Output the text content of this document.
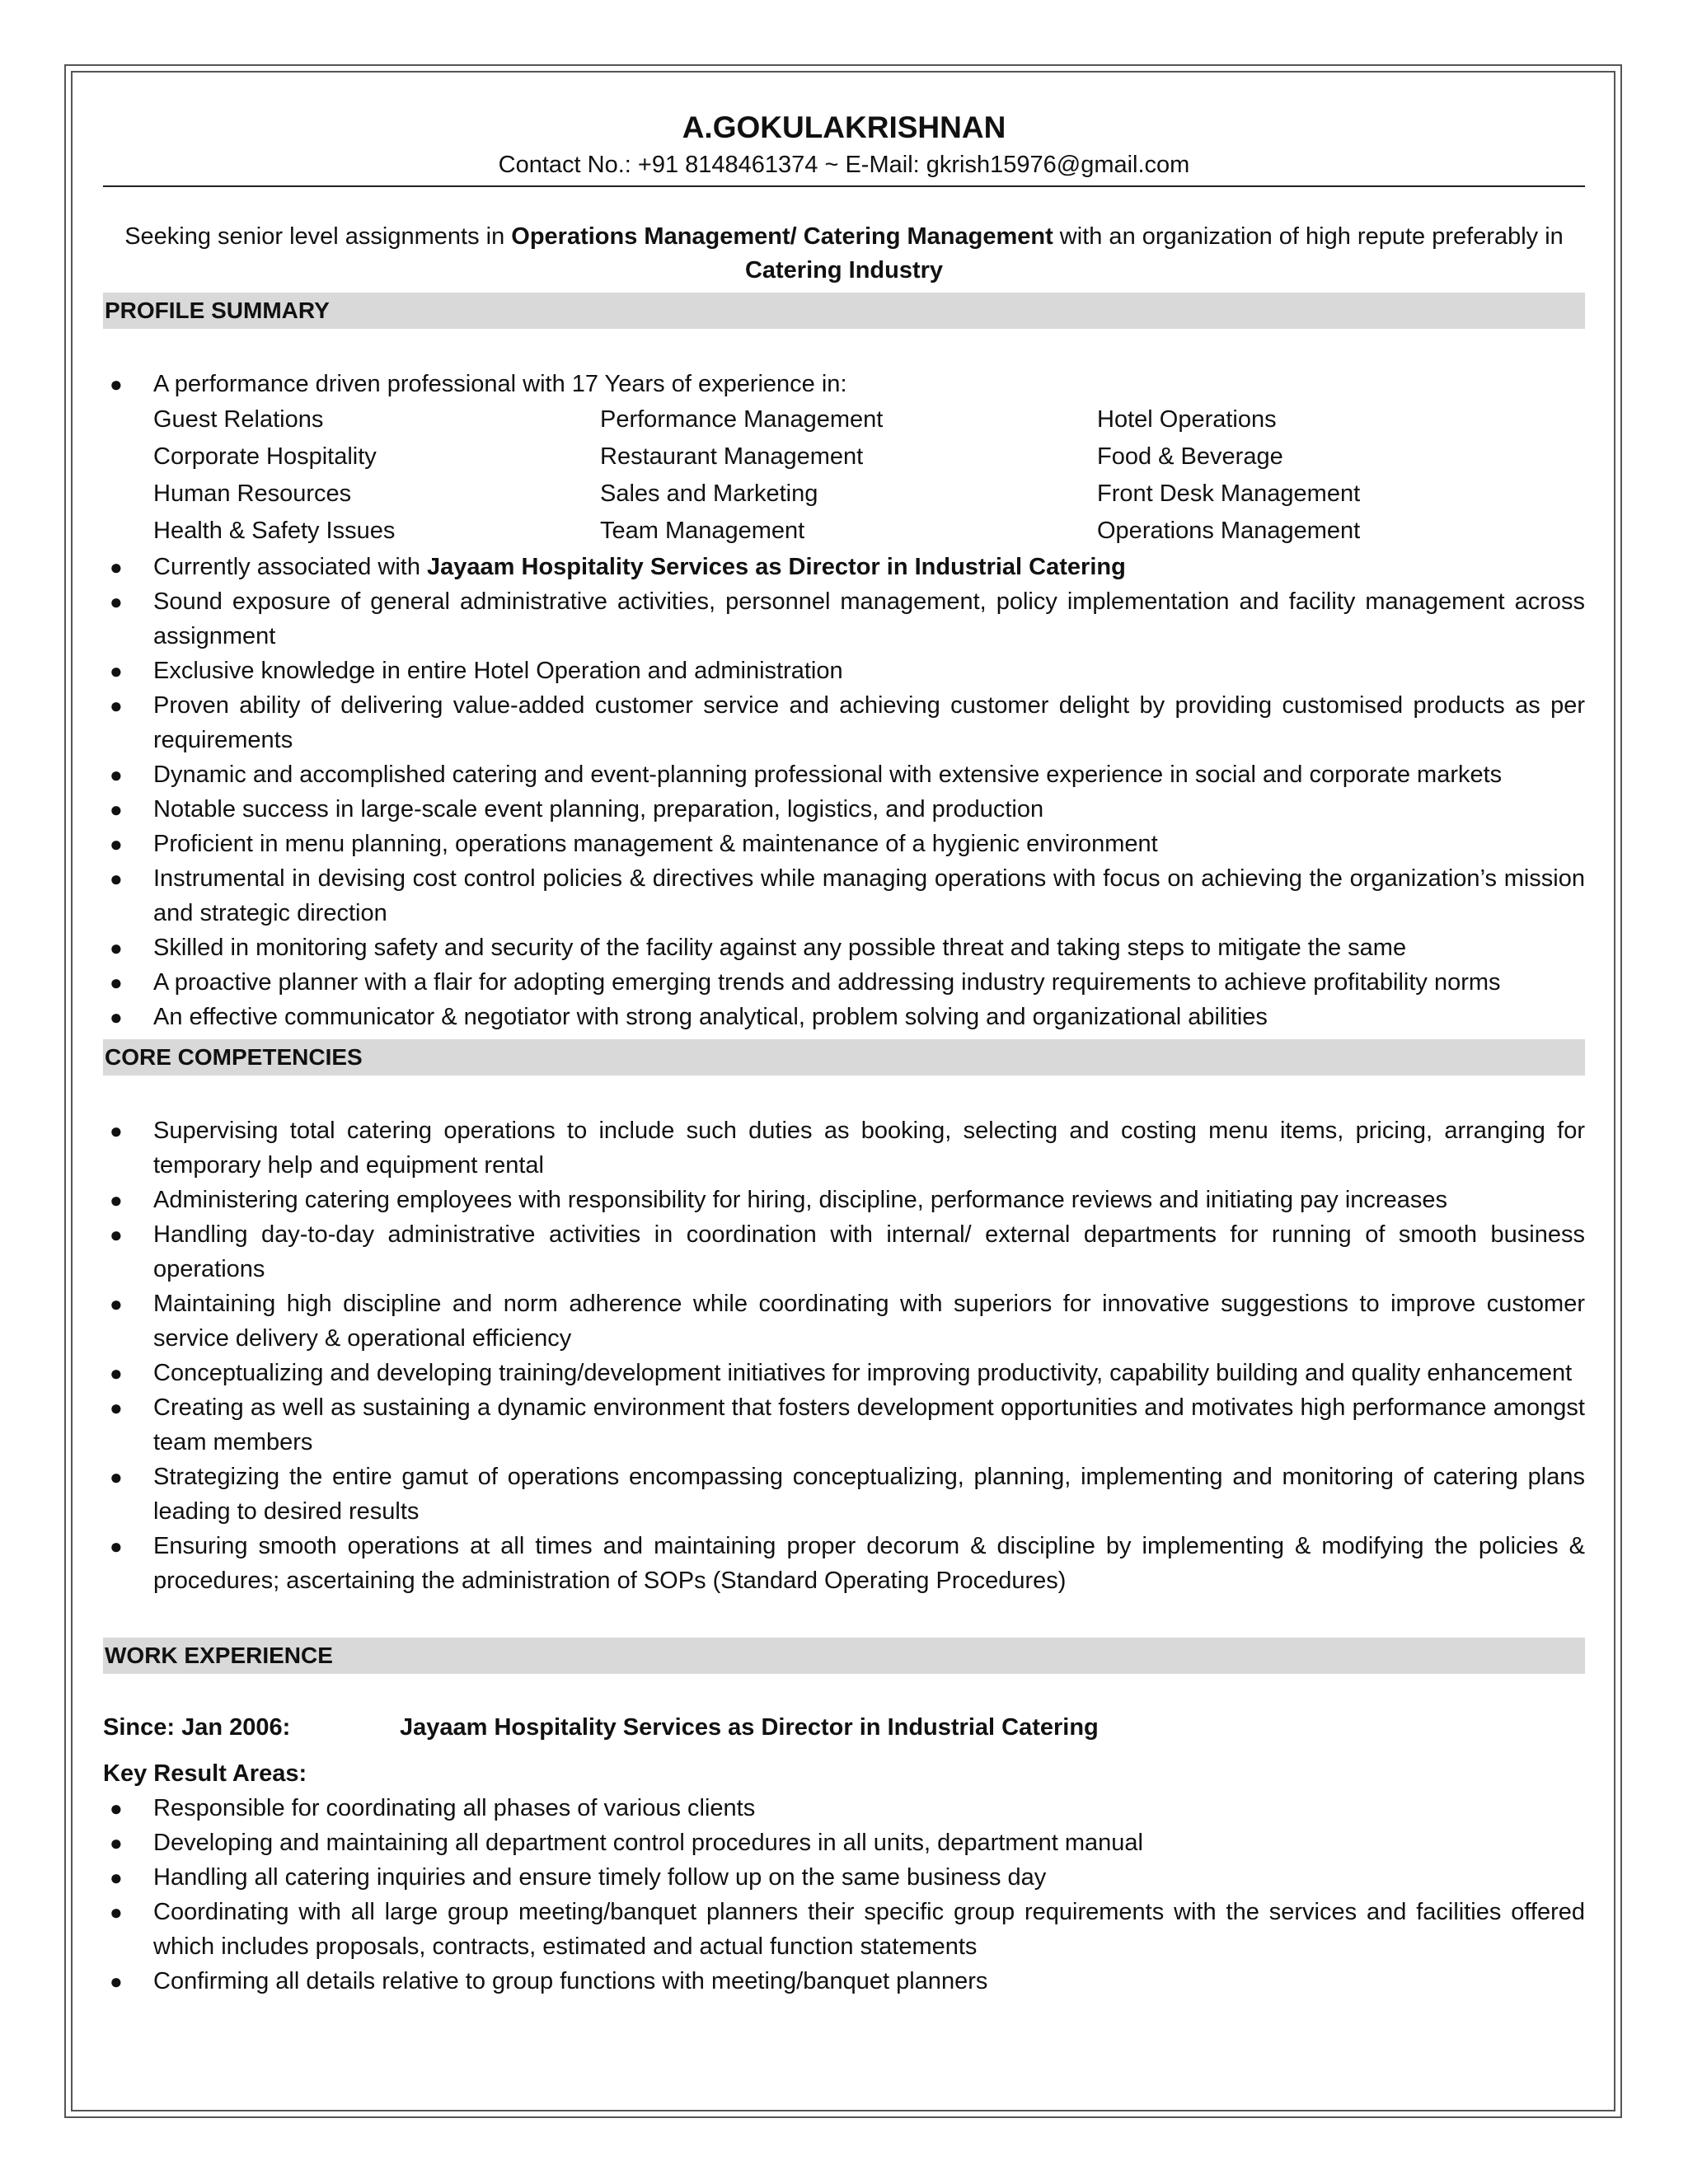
A.GOKULAKRISHNAN
Contact No.: +91 8148461374 ~ E-Mail: gkrish15976@gmail.com
Seeking senior level assignments in Operations Management/ Catering Management with an organization of high repute preferably in Catering Industry
PROFILE SUMMARY
● A performance driven professional with 17 Years of experience in:
Guest Relations	Performance Management	Hotel Operations
Corporate Hospitality	Restaurant Management	Food & Beverage
Human Resources	Sales and Marketing	Front Desk Management
Health & Safety Issues	Team Management	Operations Management
● Currently associated with Jayaam Hospitality Services as Director in Industrial Catering
● Sound exposure of general administrative activities, personnel management, policy implementation and facility management across assignment
● Exclusive knowledge in entire Hotel Operation and administration
● Proven ability of delivering value-added customer service and achieving customer delight by providing customised products as per requirements
● Dynamic and accomplished catering and event-planning professional with extensive experience in social and corporate markets
● Notable success in large-scale event planning, preparation, logistics, and production
● Proficient in menu planning, operations management & maintenance of a hygienic environment
● Instrumental in devising cost control policies & directives while managing operations with focus on achieving the organization’s mission and strategic direction
● Skilled in monitoring safety and security of the facility against any possible threat and taking steps to mitigate the same
● A proactive planner with a flair for adopting emerging trends and addressing industry requirements to achieve profitability norms
● An effective communicator & negotiator with strong analytical, problem solving and organizational abilities
CORE COMPETENCIES
● Supervising total catering operations to include such duties as booking, selecting and costing menu items, pricing, arranging for temporary help and equipment rental
● Administering catering employees with responsibility for hiring, discipline, performance reviews and initiating pay increases
● Handling day-to-day administrative activities in coordination with internal/ external departments for running of smooth business operations
● Maintaining high discipline and norm adherence while coordinating with superiors for innovative suggestions to improve customer service delivery & operational efficiency
● Conceptualizing and developing training/development initiatives for improving productivity, capability building and quality enhancement
● Creating as well as sustaining a dynamic environment that fosters development opportunities and motivates high performance amongst team members
● Strategizing the entire gamut of operations encompassing conceptualizing, planning, implementing and monitoring of catering plans leading to desired results
● Ensuring smooth operations at all times and maintaining proper decorum & discipline by implementing & modifying the policies & procedures; ascertaining the administration of SOPs (Standard Operating Procedures)
WORK EXPERIENCE
Since: Jan 2006:	Jayaam Hospitality Services as Director in Industrial Catering
Key Result Areas:
● Responsible for coordinating all phases of various clients
● Developing and maintaining all department control procedures in all units, department manual
● Handling all catering inquiries and ensure timely follow up on the same business day
● Coordinating with all large group meeting/banquet planners their specific group requirements with the services and facilities offered which includes proposals, contracts, estimated and actual function statements
● Confirming all details relative to group functions with meeting/banquet planners
